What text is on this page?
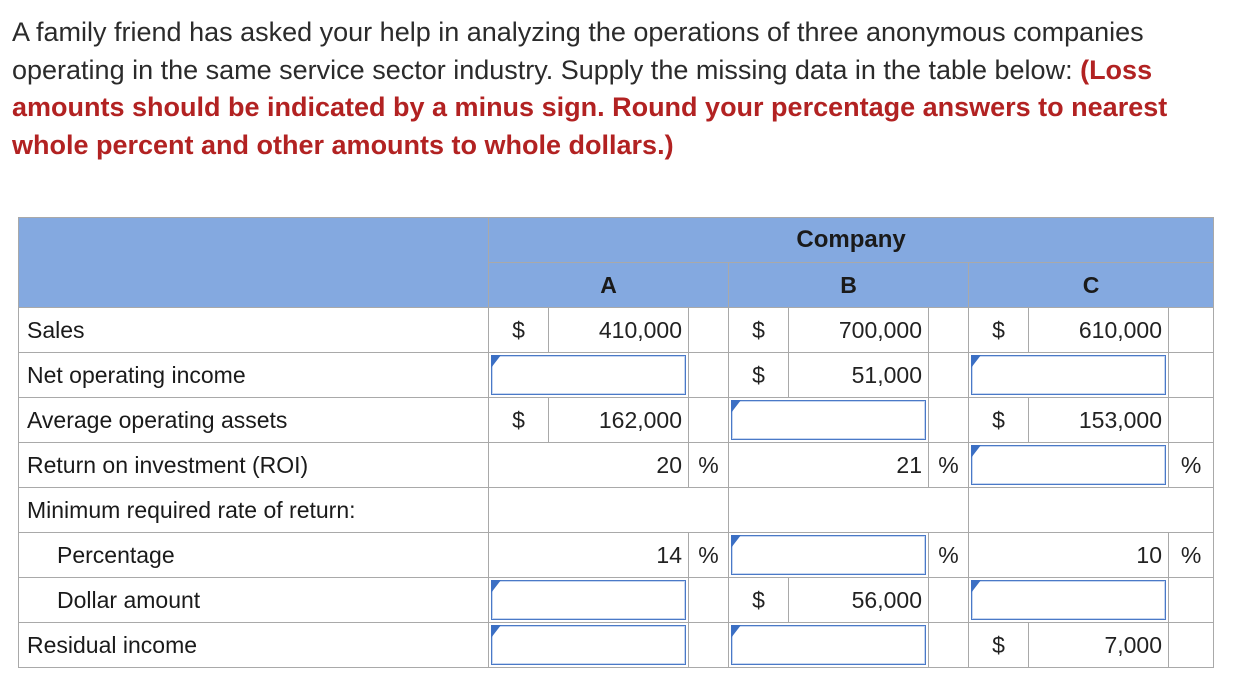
A family friend has asked your help in analyzing the operations of three anonymous companies operating in the same service sector industry. Supply the missing data in the table below: (Loss amounts should be indicated by a minus sign. Round your percentage answers to nearest whole percent and other amounts to whole dollars.)

	Company								
	A			B			C		
Sales	$	410,000		$	700,000		$	610,000	
Net operating income				$	51,000			

Average operating assets	$	162,000					$	153,000	
Return on investment (ROI)	20		%	21		%			%
Minimum required rate of return:									
Percentage	14		%			%	10		%
Dollar amount				$	56,000			

Residual income							$	7,000	
